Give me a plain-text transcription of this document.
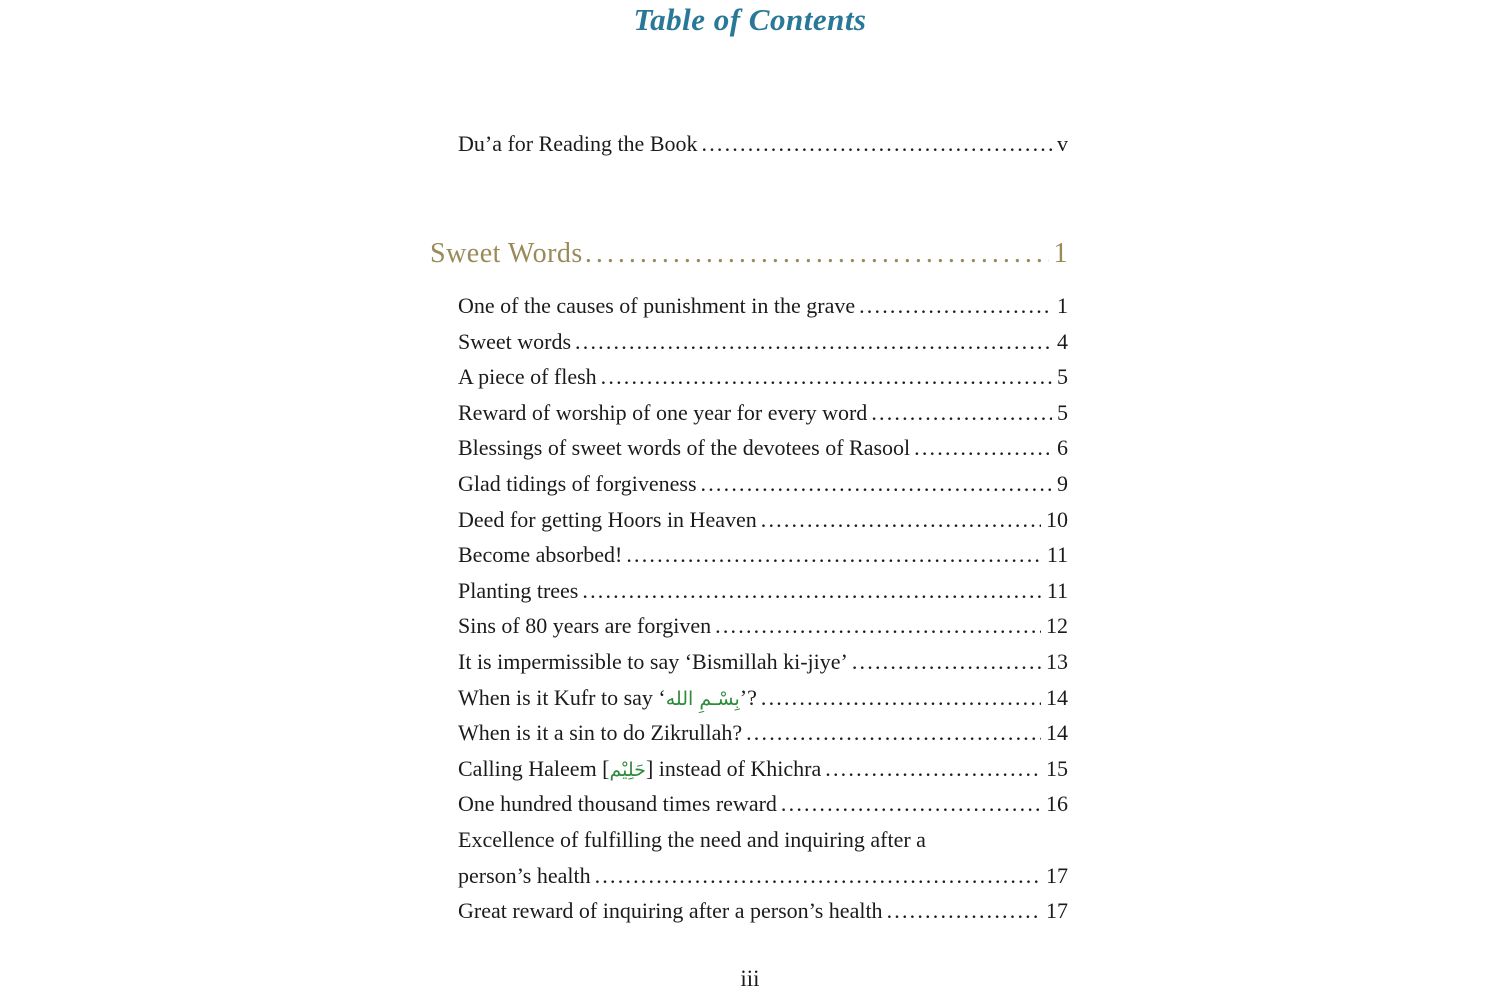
Table of Contents
Du’a for Reading the Book .....	v
Sweet Words .....	1
One of the causes of punishment in the grave .....	1
Sweet words .....	4
A piece of flesh .....	5
Reward of worship of one year for every word .....	5
Blessings of sweet words of the devotees of Rasool .....	6
Glad tidings of forgiveness .....	9
Deed for getting Hoors in Heaven .....	10
Become absorbed! .....	11
Planting trees .....	11
Sins of 80 years are forgiven .....	12
It is impermissible to say ‘Bismillah ki-jiye’ .....	13
When is it Kufr to say ‘بِسْـمِ الله’? .....	14
When is it a sin to do Zikrullah? .....	14
Calling Haleem [حَلِيْم] instead of Khichra .....	15
One hundred thousand times reward .....	16
Excellence of fulfilling the need and inquiring after a
person’s health .....	17
Great reward of inquiring after a person’s health .....	17
iii
